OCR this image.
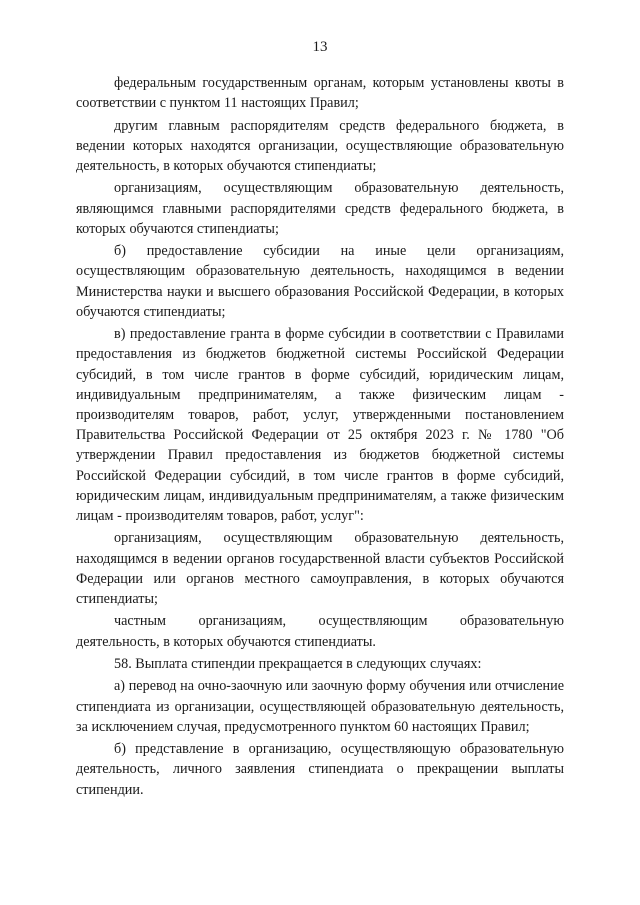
13

федеральным государственным органам, которым установлены квоты в соответствии с пунктом 11 настоящих Правил;

другим главным распорядителям средств федерального бюджета, в ведении которых находятся организации, осуществляющие образовательную деятельность, в которых обучаются стипендиаты;

организациям, осуществляющим образовательную деятельность, являющимся главными распорядителями средств федерального бюджета, в которых обучаются стипендиаты;

б) предоставление субсидии на иные цели организациям, осуществляющим образовательную деятельность, находящимся в ведении Министерства науки и высшего образования Российской Федерации, в которых обучаются стипендиаты;

в) предоставление гранта в форме субсидии в соответствии с Правилами предоставления из бюджетов бюджетной системы Российской Федерации субсидий, в том числе грантов в форме субсидий, юридическим лицам, индивидуальным предпринимателям, а также физическим лицам - производителям товаров, работ, услуг, утвержденными постановлением Правительства Российской Федерации от 25 октября 2023 г. № 1780 "Об утверждении Правил предоставления из бюджетов бюджетной системы Российской Федерации субсидий, в том числе грантов в форме субсидий, юридическим лицам, индивидуальным предпринимателям, а также физическим лицам - производителям товаров, работ, услуг":

организациям, осуществляющим образовательную деятельность, находящимся в ведении органов государственной власти субъектов Российской Федерации или органов местного самоуправления, в которых обучаются стипендиаты;

частным организациям, осуществляющим образовательную деятельность, в которых обучаются стипендиаты.

58. Выплата стипендии прекращается в следующих случаях:

а) перевод на очно-заочную или заочную форму обучения или отчисление стипендиата из организации, осуществляющей образовательную деятельность, за исключением случая, предусмотренного пунктом 60 настоящих Правил;

б) представление в организацию, осуществляющую образовательную деятельность, личного заявления стипендиата о прекращении выплаты стипендии.
